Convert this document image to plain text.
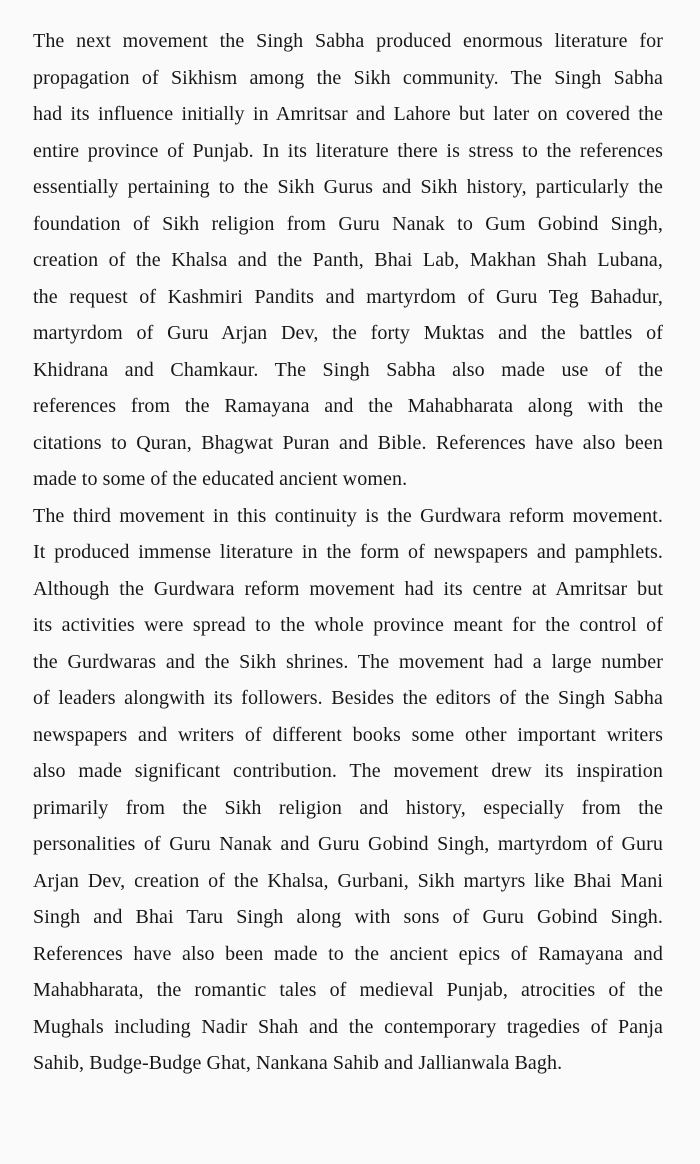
The next movement the Singh Sabha produced enormous literature for
propagation of Sikhism among the Sikh community. The Singh Sabha
had its influence initially in Amritsar and Lahore but later on covered the
entire province of Punjab. In its literature there is stress to the references
essentially pertaining to the Sikh Gurus and Sikh history, particularly the
foundation of Sikh religion from Guru Nanak to Gum Gobind Singh,
creation of the Khalsa and the Panth, Bhai Lab, Makhan Shah Lubana,
the request of Kashmiri Pandits and martyrdom of Guru Teg Bahadur,
martyrdom of Guru Arjan Dev, the forty Muktas and the battles of
Khidrana and Chamkaur. The Singh Sabha also made use of the
references from the Ramayana and the Mahabharata along with the
citations to Quran, Bhagwat Puran and Bible. References have also been
made to some of the educated ancient women.
The third movement in this continuity is the Gurdwara reform movement.
It produced immense literature in the form of newspapers and pamphlets.
Although the Gurdwara reform movement had its centre at Amritsar but
its activities were spread to the whole province meant for the control of
the Gurdwaras and the Sikh shrines. The movement had a large number
of leaders alongwith its followers. Besides the editors of the Singh Sabha
newspapers and writers of different books some other important writers
also made significant contribution. The movement drew its inspiration
primarily from the Sikh religion and history, especially from the
personalities of Guru Nanak and Guru Gobind Singh, martyrdom of Guru
Arjan Dev, creation of the Khalsa, Gurbani, Sikh martyrs like Bhai Mani
Singh and Bhai Taru Singh along with sons of Guru Gobind Singh.
References have also been made to the ancient epics of Ramayana and
Mahabharata, the romantic tales of medieval Punjab, atrocities of the
Mughals including Nadir Shah and the contemporary tragedies of Panja
Sahib, Budge-Budge Ghat, Nankana Sahib and Jallianwala Bagh.
